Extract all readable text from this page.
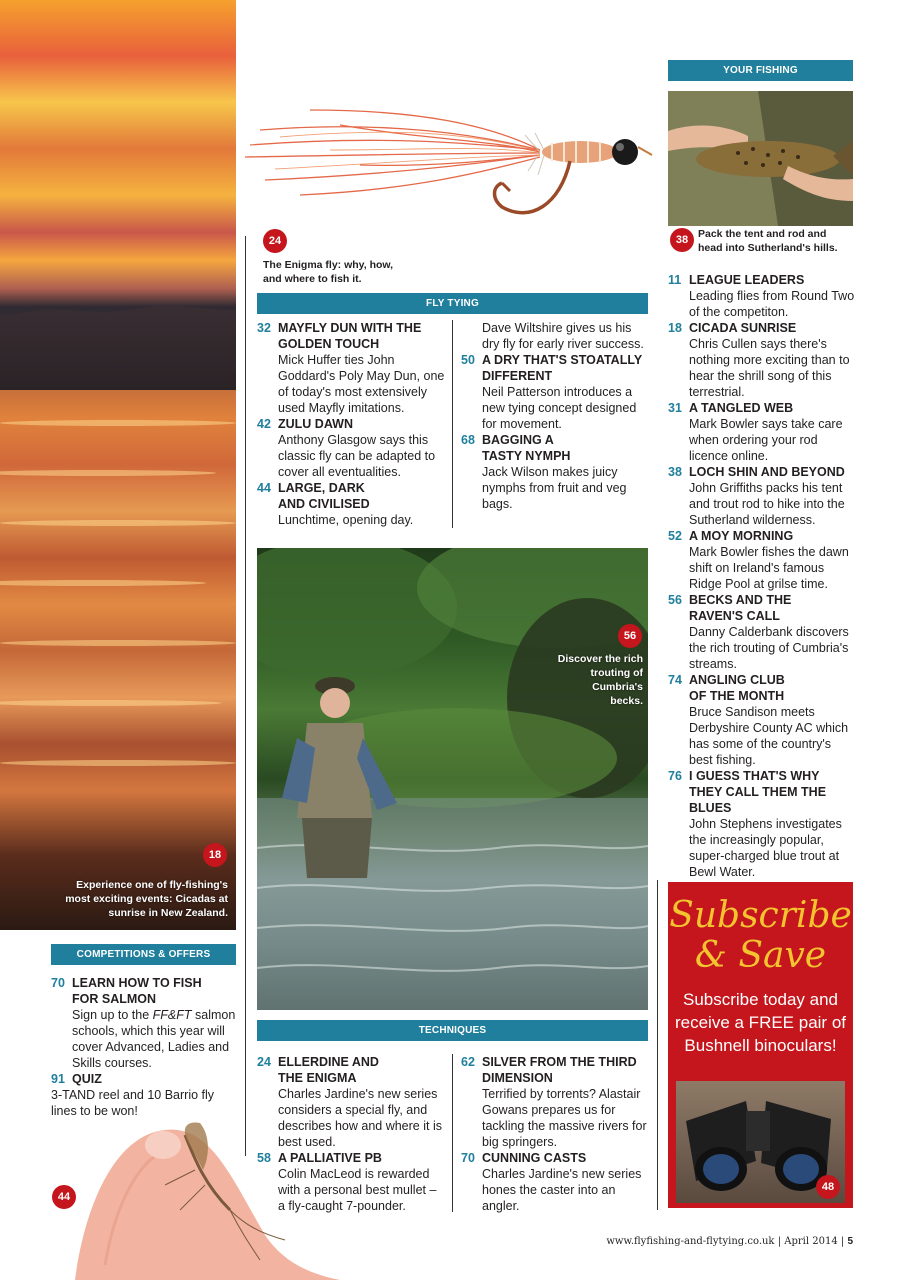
18
Experience one of fly-fishing's most exciting events: Cicadas at sunrise in New Zealand.
24
The Enigma fly: why, how, and where to fish it.
FLY TYING
32 MAYFLY DUN WITH THE GOLDEN TOUCH
Mick Huffer ties John Goddard's Poly May Dun, one of today's most extensively used Mayfly imitations.
42 ZULU DAWN
Anthony Glasgow says this classic fly can be adapted to cover all eventualities.
44 LARGE, DARK AND CIVILISED
Lunchtime, opening day.
Dave Wiltshire gives us his dry fly for early river success.
50 A DRY THAT'S STOATALLY DIFFERENT
Neil Patterson introduces a new tying concept designed for movement.
68 BAGGING A TASTY NYMPH
Jack Wilson makes juicy nymphs from fruit and veg bags.
56
Discover the rich trouting of Cumbria's becks.
TECHNIQUES
24 ELLERDINE AND THE ENIGMA
Charles Jardine's new series considers a special fly, and describes how and where it is best used.
58 A PALLIATIVE PB
Colin MacLeod is rewarded with a personal best mullet – a fly-caught 7-pounder.
62 SILVER FROM THE THIRD DIMENSION
Terrified by torrents? Alastair Gowans prepares us for tackling the massive rivers for big springers.
70 CUNNING CASTS
Charles Jardine's new series hones the caster into an angler.
COMPETITIONS & OFFERS
70 LEARN HOW TO FISH FOR SALMON
Sign up to the FF&FT salmon schools, which this year will cover Advanced, Ladies and Skills courses.
91 QUIZ
3-TAND reel and 10 Barrio fly lines to be won!
44
YOUR FISHING
38 Pack the tent and rod and head into Sutherland's hills.
11 LEAGUE LEADERS
Leading flies from Round Two of the competiton.
18 CICADA SUNRISE
Chris Cullen says there's nothing more exciting than to hear the shrill song of this terrestrial.
31 A TANGLED WEB
Mark Bowler says take care when ordering your rod licence online.
38 LOCH SHIN AND BEYOND
John Griffiths packs his tent and trout rod to hike into the Sutherland wilderness.
52 A MOY MORNING
Mark Bowler fishes the dawn shift on Ireland's famous Ridge Pool at grilse time.
56 BECKS AND THE RAVEN'S CALL
Danny Calderbank discovers the rich trouting of Cumbria's streams.
74 ANGLING CLUB OF THE MONTH
Bruce Sandison meets Derbyshire County AC which has some of the country's best fishing.
76 I GUESS THAT'S WHY THEY CALL THEM THE BLUES
John Stephens investigates the increasingly popular, super-charged blue trout at Bewl Water.
Subscribe
& Save
Subscribe today and receive a FREE pair of Bushnell binoculars!
48
www.flyfishing-and-flytying.co.uk | April 2014 | 5
